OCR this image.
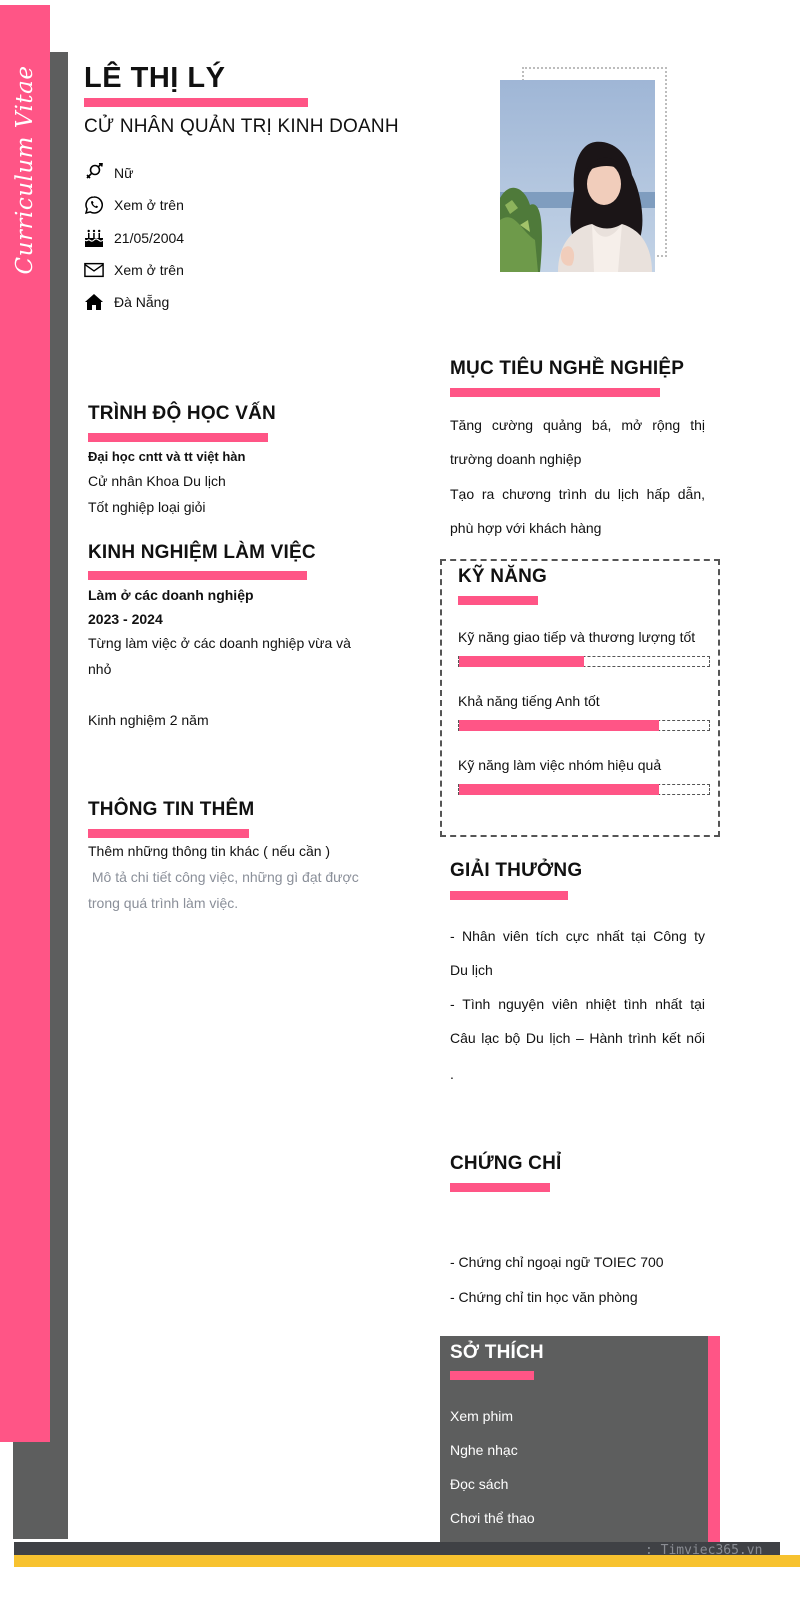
Curriculum Vitae LÊ THỊ LÝ
CỬ NHÂN QUẢN TRỊ KINH DOANH
Nữ
Xem ở trên
21/05/2004
Xem ở trên
Đà Nẵng
TRÌNH ĐỘ HỌC VẤN
Đại học cntt và tt việt hàn
Cử nhân Khoa Du lịch
Tốt nghiệp loại giỏi
KINH NGHIỆM LÀM VIỆC
Làm ở các doanh nghiệp
2023 - 2024
Từng làm việc ở các doanh nghiệp vừa và
nhỏ
Kinh nghiệm 2 năm
THÔNG TIN THÊM
Thêm những thông tin khác ( nếu cần )
Mô tả chi tiết công việc, những gì đạt được
trong quá trình làm việc.
MỤC TIÊU NGHỀ NGHIỆP
Tăng cường quảng bá, mở rộng thị
trường doanh nghiệp
Tạo ra chương trình du lịch hấp dẫn,
phù hợp với khách hàng
KỸ NĂNG
Kỹ năng giao tiếp và thương lượng tốt
Khả năng tiếng Anh tốt
Kỹ năng làm việc nhóm hiệu quả
GIẢI THƯỞNG
- Nhân viên tích cực nhất tại Công ty
Du lịch
- Tình nguyện viên nhiệt tình nhất tại
Câu lạc bộ Du lịch – Hành trình kết nối
.
CHỨNG CHỈ
- Chứng chỉ ngoại ngữ TOIEC 700
- Chứng chỉ tin học văn phòng
SỞ THÍCH
Xem phim
Nghe nhạc
Đọc sách
Chơi thể thao
: Timviec365.vn
